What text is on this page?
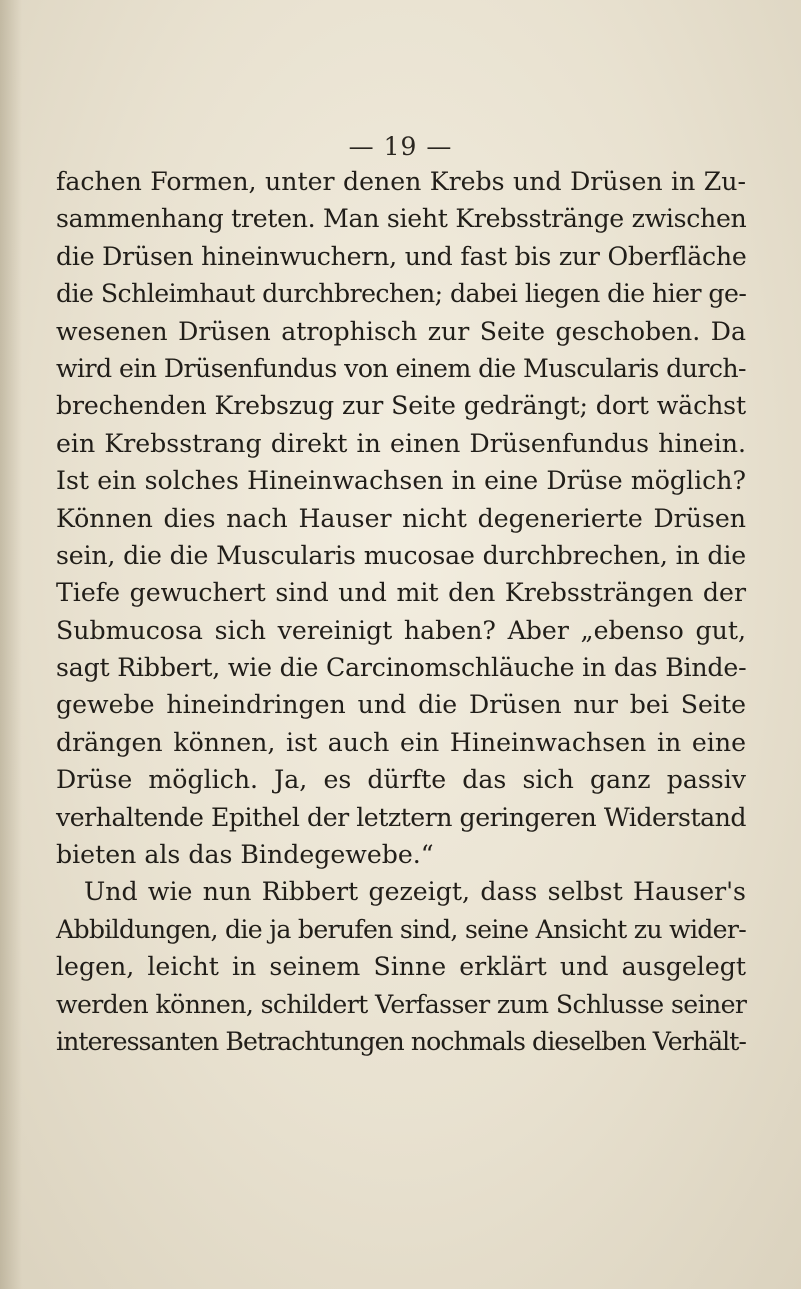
— 19 —
fachen Formen, unter denen Krebs und Drüsen in Zu-
sammenhang treten. Man sieht Krebsstränge zwischen
die Drüsen hineinwuchern, und fast bis zur Oberfläche
die Schleimhaut durchbrechen; dabei liegen die hier ge-
wesenen Drüsen atrophisch zur Seite geschoben. Da
wird ein Drüsenfundus von einem die Muscularis durch-
brechenden Krebszug zur Seite gedrängt; dort wächst
ein Krebsstrang direkt in einen Drüsenfundus hinein.
Ist ein solches Hineinwachsen in eine Drüse möglich?
Können dies nach Hauser nicht degenerierte Drüsen
sein, die die Muscularis mucosae durchbrechen, in die
Tiefe gewuchert sind und mit den Krebssträngen der
Submucosa sich vereinigt haben? Aber „ebenso gut,
sagt Ribbert, wie die Carcinomschläuche in das Binde-
gewebe hineindringen und die Drüsen nur bei Seite
drängen können, ist auch ein Hineinwachsen in eine
Drüse möglich. Ja, es dürfte das sich ganz passiv
verhaltende Epithel der letztern geringeren Widerstand
bieten als das Bindegewebe.“
Und wie nun Ribbert gezeigt, dass selbst Hauser's
Abbildungen, die ja berufen sind, seine Ansicht zu wider-
legen, leicht in seinem Sinne erklärt und ausgelegt
werden können, schildert Verfasser zum Schlusse seiner
interessanten Betrachtungen nochmals dieselben Verhält-
